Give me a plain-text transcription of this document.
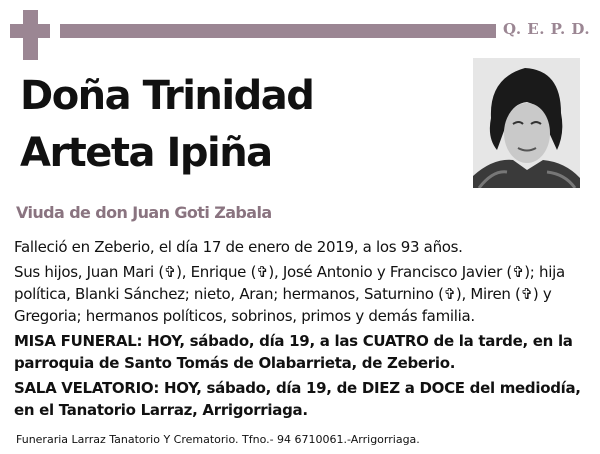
Q. E. P. D.
Doña Trinidad
Arteta Ipiña
Viuda de don Juan Goti Zabala

Falleció en Zeberio, el día 17 de enero de 2019, a los 93 años.

Sus hijos, Juan Mari (✞), Enrique (✞), José Antonio y Francisco Javier (✞); hija política, Blanki Sánchez; nieto, Aran; hermanos, Saturnino (✞), Miren (✞) y Gregoria; hermanos políticos, sobrinos, primos y demás familia.

MISA FUNERAL: HOY, sábado, día 19, a las CUATRO de la tarde, en la parroquia de Santo Tomás de Olabarrieta, de Zeberio.

SALA VELATORIO: HOY, sábado, día 19, de DIEZ a DOCE del mediodía, en el Tanatorio Larraz, Arrigorriaga.

Funeraria Larraz Tanatorio Y Crematorio. Tfno.- 94 6710061.-Arrigorriaga.
